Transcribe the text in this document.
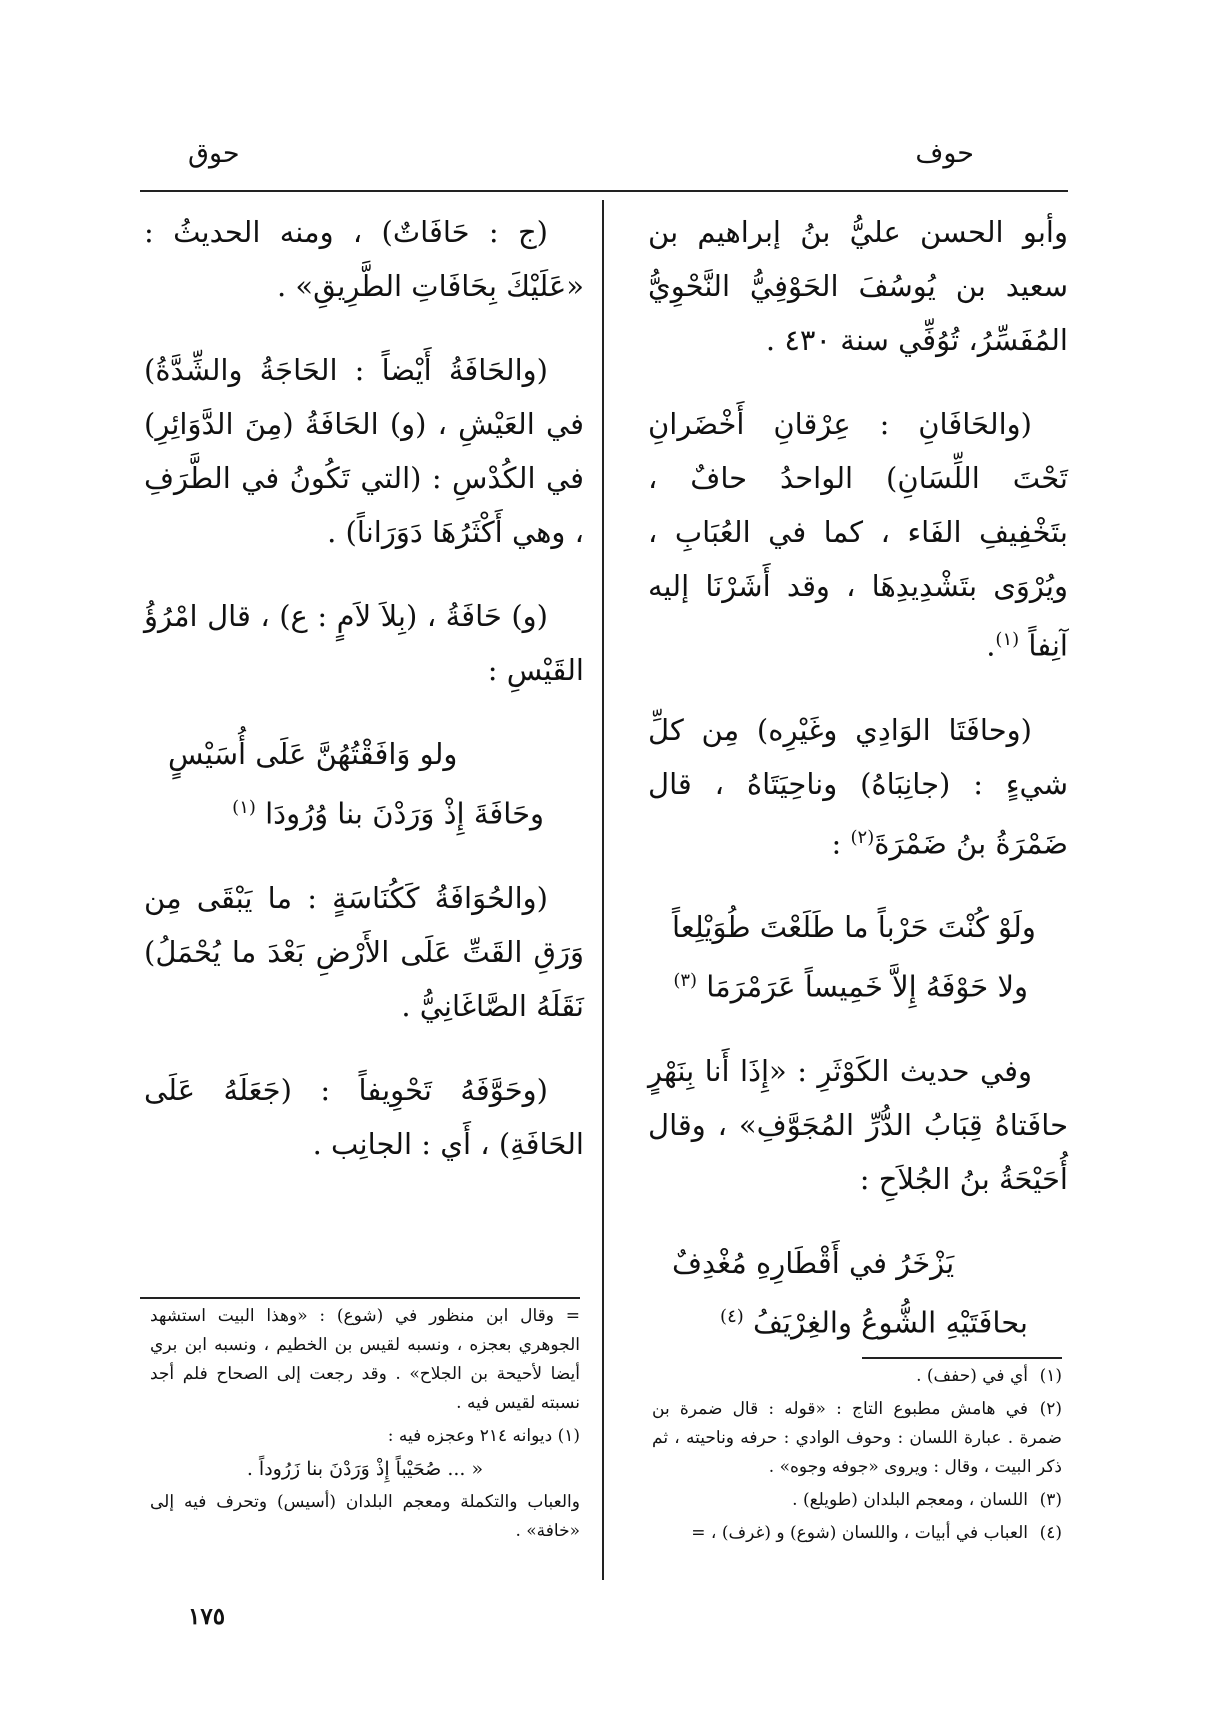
حوف
حوق

وأبو الحسن عليُّ بنُ إبراهيم بن سعيد بن يُوسُفَ الحَوْفِيُّ النَّحْوِيُّ المُفَسِّرُ، تُوُفِّي سنة ٤٣٠ .

(والحَافَانِ : عِرْقانِ أَخْضَرانِ تَحْتَ اللِّسَانِ) الواحدُ حافٌ ، بتَخْفِيفِ الفَاء ، كما في العُبَابِ ، ويُرْوَى بتَشْدِيدِهَا ، وقد أَشَرْنَا إليه آنِفاً $^{(١)}$.

(وحافَتَا الوَادِي وغَيْرِه) مِن كلِّ شيءٍ : (جانِبَاهُ) وناحِيَتَاهُ ، قال ضَمْرَةُ بنُ ضَمْرَةَ$^{(٢)}$ :

ولَوْ كُنْتَ حَرْباً ما طَلَعْتَ طُوَيْلِعاً

ولا حَوْفَهُ إِلاَّ خَمِيساً عَرَمْرَمَا $^{(٣)}$

وفي حديث الكَوْثَرِ : «إِذَا أَنا بِنَهْرٍ حافَتاهُ قِبَابُ الدُّرِّ المُجَوَّفِ» ، وقال أُحَيْحَةُ بنُ الجُلاَحِ :

يَزْخَرُ في أَقْطَارِهِ مُغْدِفٌ

بحافَتَيْهِ الشُّوعُ والغِرْيَفُ $^{(٤)}$

(ج : حَافَاتٌ) ، ومنه الحديثُ : «عَلَيْكَ بِحَافَاتِ الطَّرِيقِ» .

(والحَافَةُ أَيْضاً : الحَاجَةُ والشِّدَّةُ) في العَيْشِ ، (و) الحَافَةُ (مِنَ الدَّوَائِرِ) في الكُدْسِ : (التي تَكُونُ في الطَّرَفِ ، وهي أَكْثَرُهَا دَوَرَاناً) .

(و) حَافَةُ ، (بِلاَ لاَمٍ : ع) ، قال امْرُؤُ القَيْسِ :

ولو وَافَقْتُهُنَّ عَلَى أُسَيْسٍ

وحَافَةَ إِذْ وَرَدْنَ بنا وُرُودَا $^{(١)}$

(والحُوَافَةُ كَكُنَاسَةٍ : ما يَبْقَى مِن وَرَقِ القَتِّ عَلَى الأَرْضِ بَعْدَ ما يُحْمَلُ) نَقَلَهُ الصَّاغَانِيُّ .

(وحَوَّفَهُ تَحْوِيفاً : (جَعَلَهُ عَلَى الحَافَةِ) ، أَي : الجانِب .

(١)أي في (حفف) .

(٢)في هامش مطبوع التاج : «قوله : قال ضمرة بن ضمرة . عبارة اللسان : وحوف الوادي : حرفه وناحيته ، ثم ذكر البيت ، وقال : ويروى «جوفه وجوه» .

(٣)اللسان ، ومعجم البلدان (طويلع) .

(٤)العباب في أبيات ، واللسان (شوع) و (غرف) ، =

= وقال ابن منظور في (شوع) : «وهذا البيت استشهد الجوهري بعجزه ، ونسبه لقيس بن الخطيم ، ونسبه ابن بري أيضا لأحيحة بن الجلاح» . وقد رجعت إلى الصحاح فلم أجد نسبته لقيس فيه .

(١) ديوانه ٢١٤ وعجزه فيه :

« ... صُحَيْباً إِذْ وَرَدْنَ بنا زَرُوداً .

والعباب والتكملة ومعجم البلدان (أسيس) وتحرف فيه إلى «خافة» .

١٧٥
